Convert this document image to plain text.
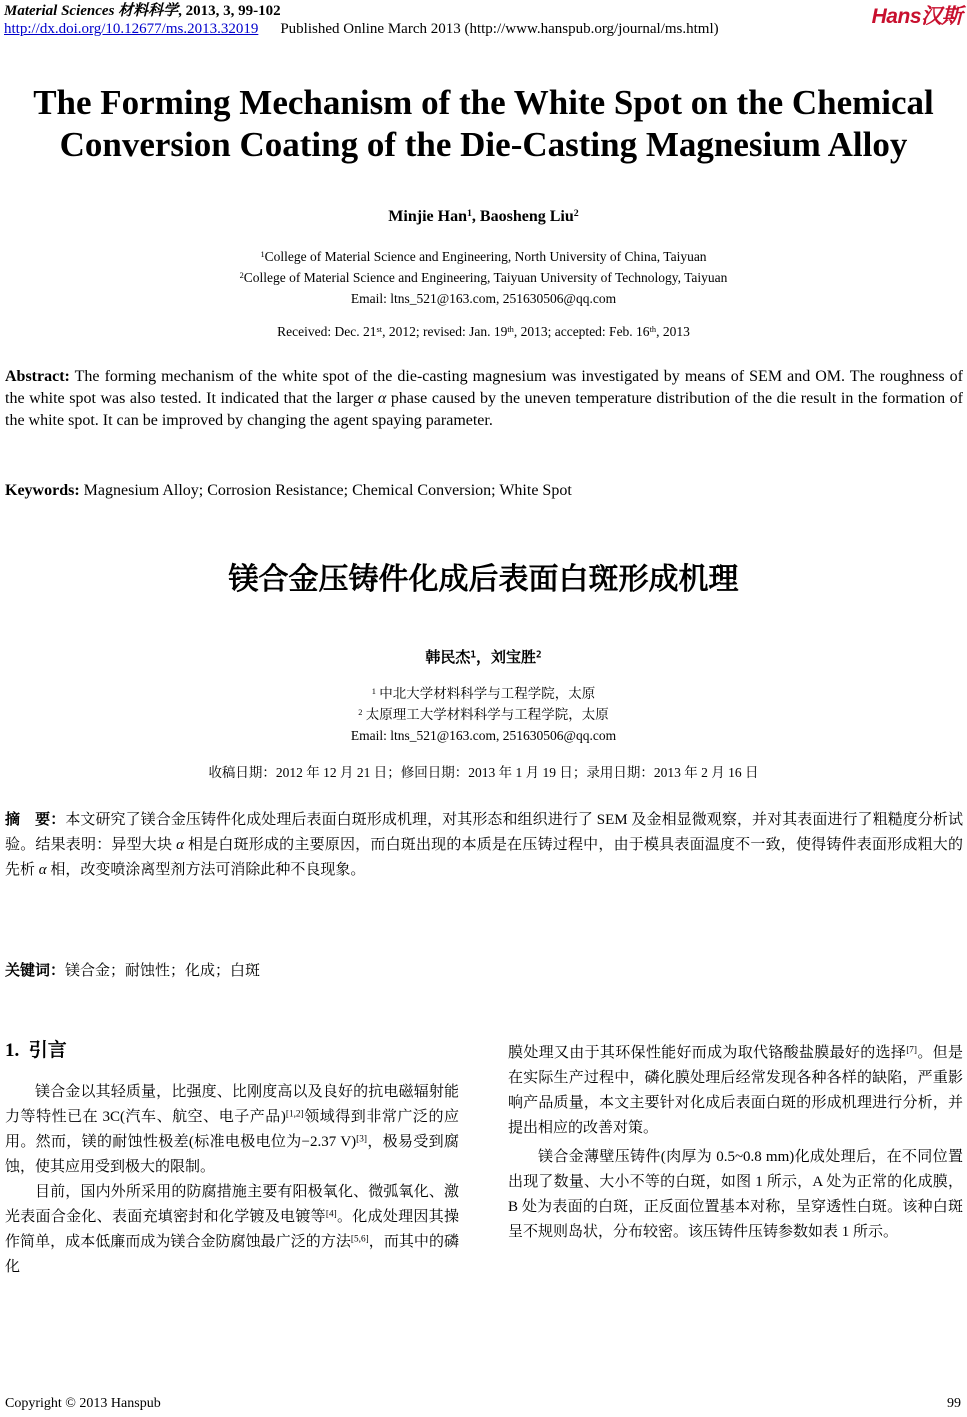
Material Sciences 材料科学, 2013, 3, 99-102
http://dx.doi.org/10.12677/ms.2013.32019 Published Online March 2013 (http://www.hanspub.org/journal/ms.html)
Hans汉斯
The Forming Mechanism of the White Spot on the Chemical
Conversion Coating of the Die-Casting Magnesium Alloy
Minjie Han$^1$, Baosheng Liu$^2$
$^1$College of Material Science and Engineering, North University of China, Taiyuan
$^2$College of Material Science and Engineering, Taiyuan University of Technology, Taiyuan
Email: ltns_521@163.com, 251630506@qq.com
Received: Dec. 21st, 2012; revised: Jan. 19th, 2013; accepted: Feb. 16th, 2013
Abstract: The forming mechanism of the white spot of the die-casting magnesium was investigated by means of SEM and OM. The roughness of the white spot was also tested. It indicated that the larger α phase caused by the uneven temperature distribution of the die result in the formation of the white spot. It can be improved by changing the agent spaying parameter.
Keywords: Magnesium Alloy; Corrosion Resistance; Chemical Conversion; White Spot
镁合金压铸件化成后表面白斑形成机理
韩民杰$^1$，刘宝胜$^2$
$^1$ 中北大学材料科学与工程学院，太原
$^2$ 太原理工大学材料科学与工程学院，太原
Email: ltns_521@163.com, 251630506@qq.com
收稿日期：2012 年 12 月 21 日；修回日期：2013 年 1 月 19 日；录用日期：2013 年 2 月 16 日
摘　要：本文研究了镁合金压铸件化成处理后表面白斑形成机理，对其形态和组织进行了 SEM 及金相显微观察，并对其表面进行了粗糙度分析试验。结果表明：异型大块 α 相是白斑形成的主要原因，而白斑出现的本质是在压铸过程中，由于模具表面温度不一致，使得铸件表面形成粗大的先析 α 相，改变喷涂离型剂方法可消除此种不良现象。
关键词：镁合金；耐蚀性；化成；白斑
1. 引言

镁合金以其轻质量，比强度、比刚度高以及良好的抗电磁辐射能力等特性已在 3C(汽车、航空、电子产品)[1,2]领域得到非常广泛的应用。然而，镁的耐蚀性极差(标准电极电位为−2.37 V)[3]，极易受到腐蚀，使其应用受到极大的限制。

目前，国内外所采用的防腐措施主要有阳极氧化、微弧氧化、激光表面合金化、表面充填密封和化学镀及电镀等[4]。化成处理因其操作简单，成本低廉而成为镁合金防腐蚀最广泛的方法[5,6]，而其中的磷化

膜处理又由于其环保性能好而成为取代铬酸盐膜最好的选择[7]。但是在实际生产过程中，磷化膜处理后经常发现各种各样的缺陷，严重影响产品质量，本文主要针对化成后表面白斑的形成机理进行分析，并提出相应的改善对策。

镁合金薄壁压铸件(肉厚为 0.5~0.8 mm)化成处理后，在不同位置出现了数量、大小不等的白斑，如图 1 所示，A 处为正常的化成膜，B 处为表面的白斑，正反面位置基本对称，呈穿透性白斑。该种白斑呈不规则岛状，分布较密。该压铸件压铸参数如表 1 所示。

Copyright © 2013 Hanspub	99
